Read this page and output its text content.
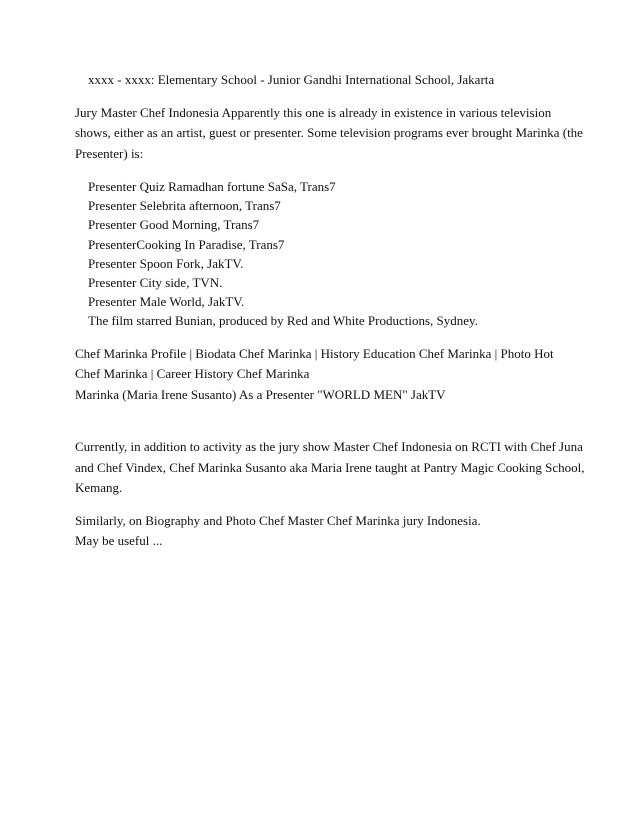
xxxx - xxxx: Elementary School - Junior Gandhi International School, Jakarta

Jury Master Chef Indonesia Apparently this one is already in existence in various television shows, either as an artist, guest or presenter. Some television programs ever brought Marinka (the Presenter) is:

Presenter Quiz Ramadhan fortune SaSa, Trans7
Presenter Selebrita afternoon, Trans7
Presenter Good Morning, Trans7
PresenterCooking In Paradise, Trans7
Presenter Spoon Fork, JakTV.
Presenter City side, TVN.
Presenter Male World, JakTV.
The film starred Bunian, produced by Red and White Productions, Sydney.

Chef Marinka Profile | Biodata Chef Marinka | History Education Chef Marinka | Photo Hot

Chef Marinka | Career History Chef Marinka

Marinka (Maria Irene Susanto) As a Presenter "WORLD MEN" JakTV

Currently, in addition to activity as the jury show Master Chef Indonesia on RCTI with Chef Juna and Chef Vindex, Chef Marinka Susanto aka Maria Irene taught at Pantry Magic Cooking School, Kemang.

Similarly, on Biography and Photo Chef Master Chef Marinka jury Indonesia.

May be useful ...
